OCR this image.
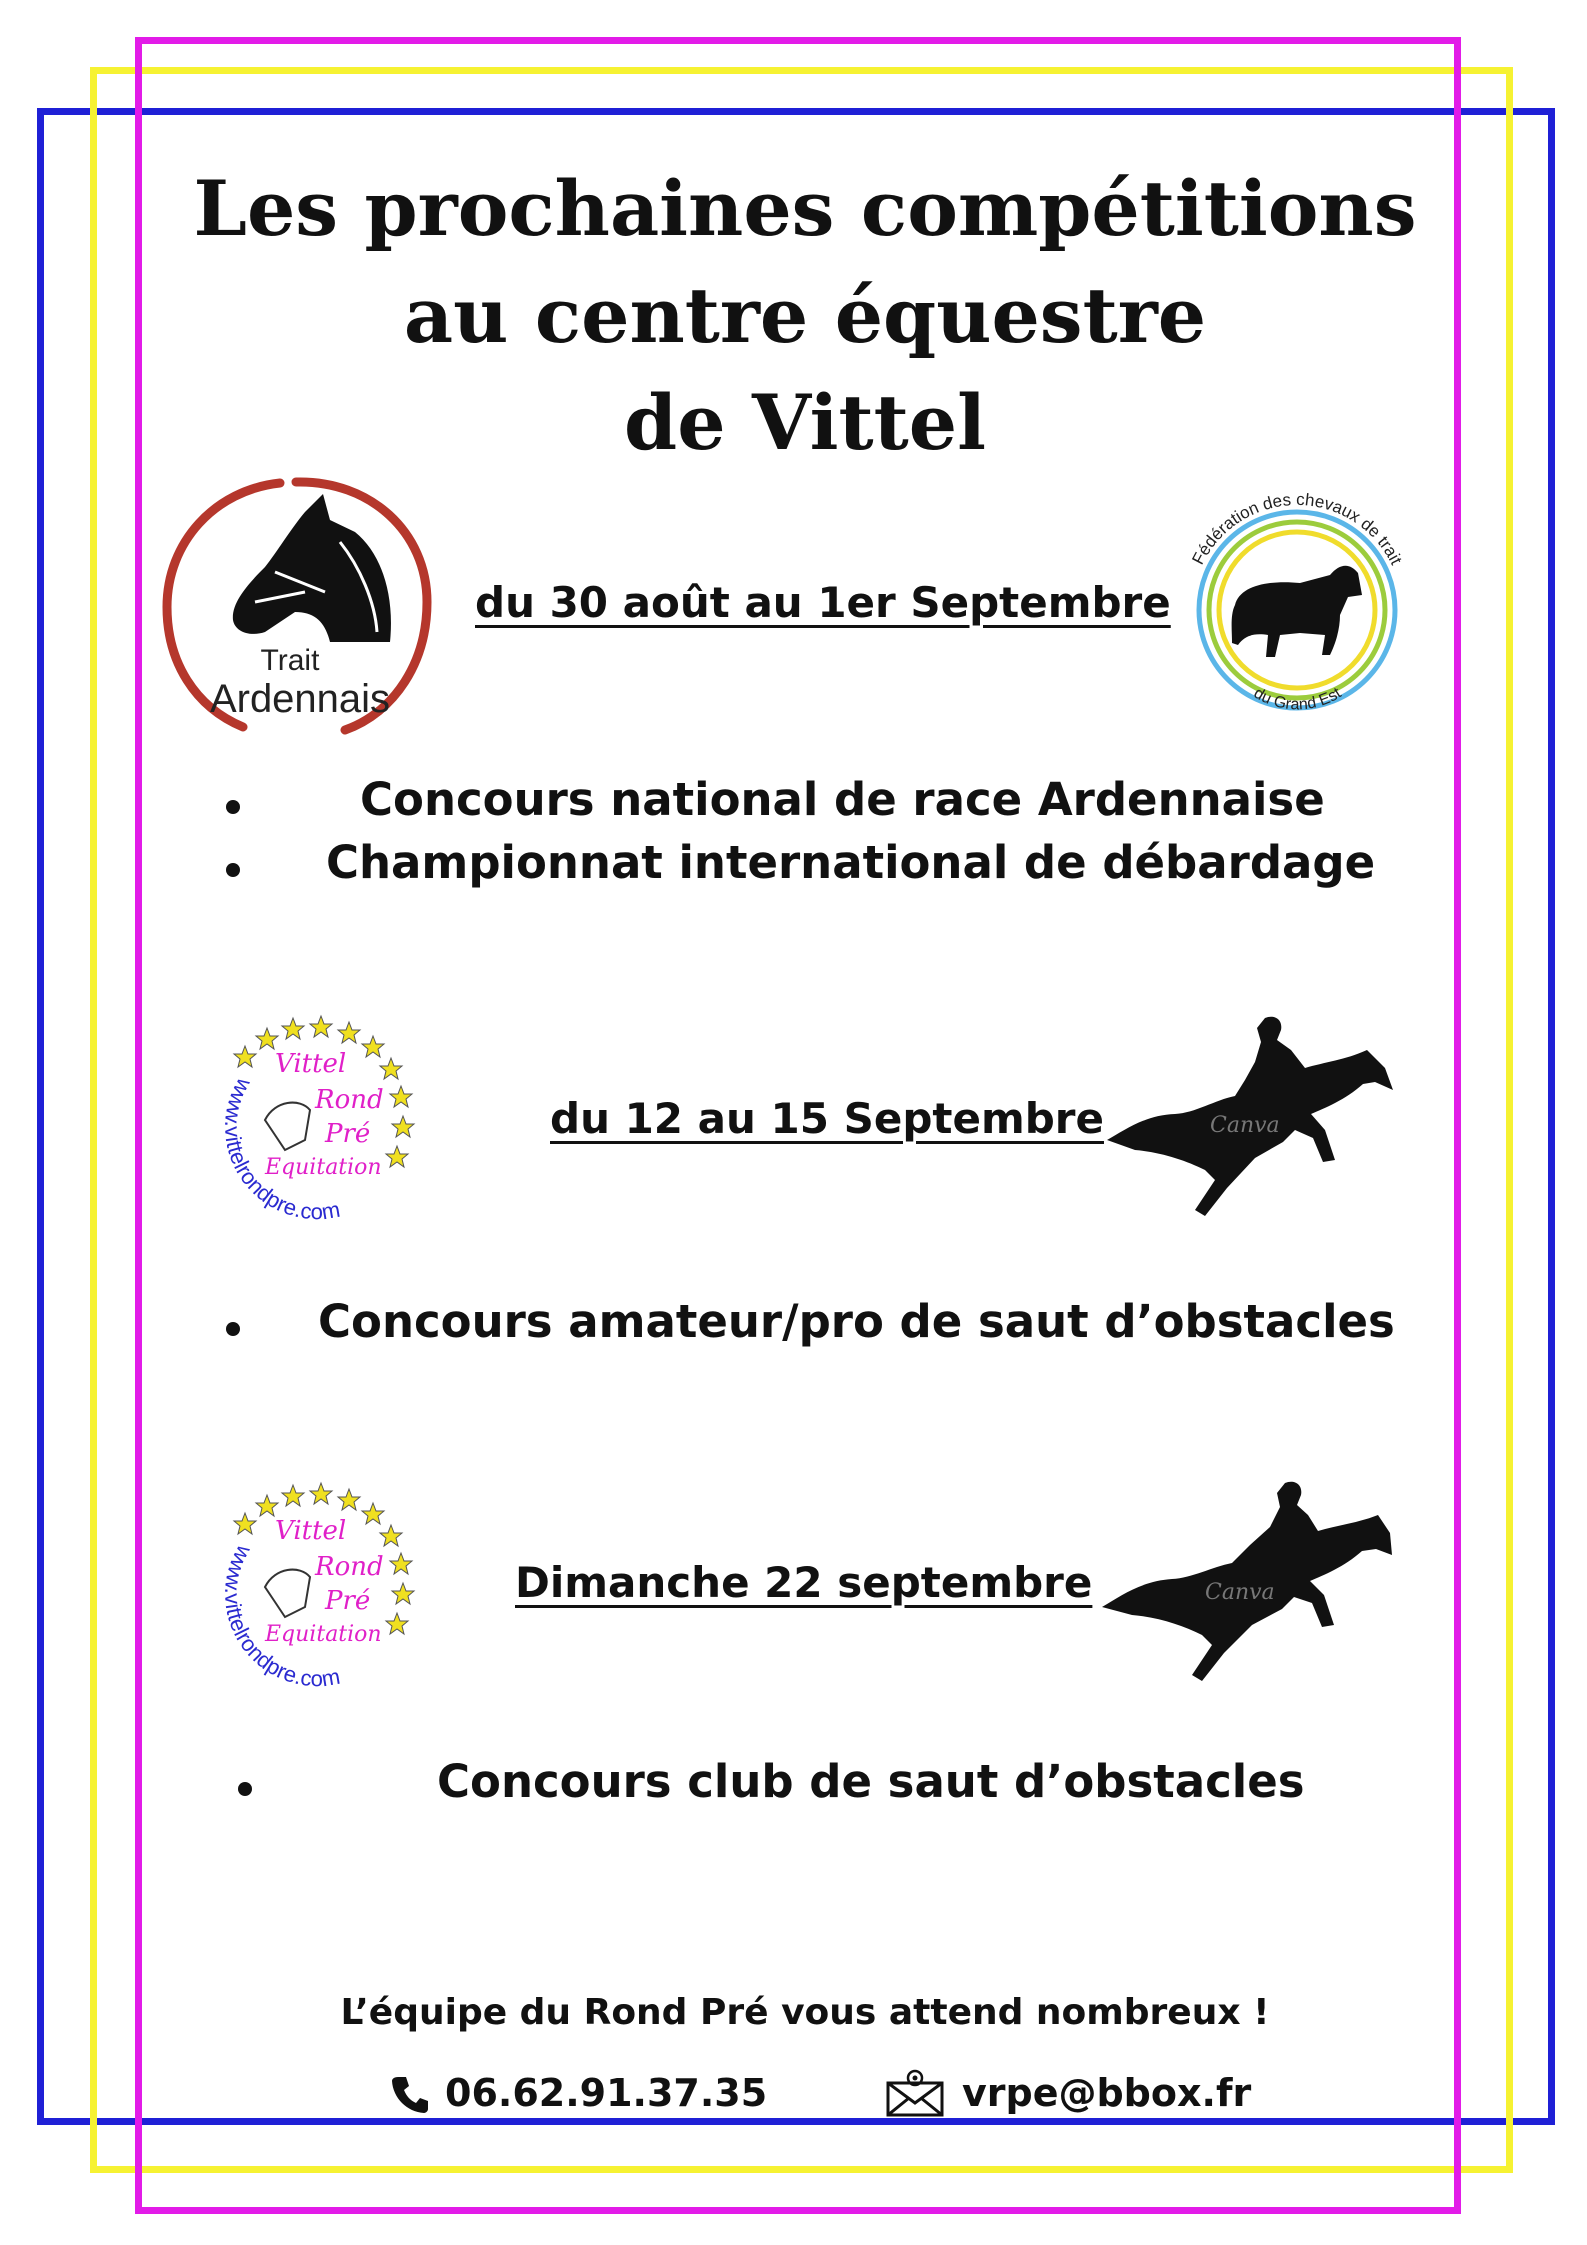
Les prochaines compétitions
au centre équestre
de Vittel
Trait
Ardennais
du 30 août au 1er Septembre
Fédération des chevaux de trait
du Grand Est
Concours national de race Ardennaise
Championnat international de débardage
www.vittelrondpre.com
Vittel
Rond
Pré
Equitation
du 12 au 15 Septembre	Canva
Concours amateur/pro de saut d’obstacles
www.vittelrondpre.com
Vittel
Rond
Pré
Equitation
Dimanche 22 septembre	Canva
Concours club de saut d’obstacles
L’équipe du Rond Pré vous attend nombreux !
06.62.91.37.35	vrpe@bbox.fr
